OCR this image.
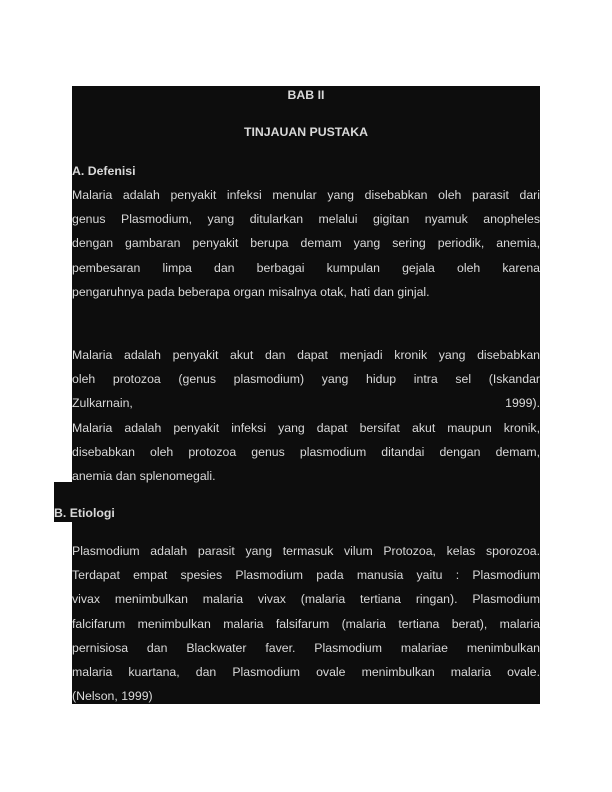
BAB II
TINJAUAN PUSTAKA
A. Defenisi
Malaria adalah penyakit infeksi menular yang disebabkan oleh parasit dari
genus Plasmodium, yang ditularkan melalui gigitan nyamuk anopheles
dengan gambaran penyakit berupa demam yang sering periodik, anemia,
pembesaran limpa dan berbagai kumpulan gejala oleh karena
pengaruhnya pada beberapa organ misalnya otak, hati dan ginjal.
Malaria adalah penyakit akut dan dapat menjadi kronik yang disebabkan
oleh protozoa (genus plasmodium) yang hidup intra sel (Iskandar
Zulkarnain, 1999).
Malaria adalah penyakit infeksi yang dapat bersifat akut maupun kronik,
disebabkan oleh protozoa genus plasmodium ditandai dengan demam,
anemia dan splenomegali.
B. Etiologi
Plasmodium adalah parasit yang termasuk vilum Protozoa, kelas sporozoa.
Terdapat empat spesies Plasmodium pada manusia yaitu : Plasmodium
vivax menimbulkan malaria vivax (malaria tertiana ringan). Plasmodium
falcifarum menimbulkan malaria falsifarum (malaria tertiana berat), malaria
pernisiosa dan Blackwater faver. Plasmodium malariae menimbulkan
malaria kuartana, dan Plasmodium ovale menimbulkan malaria ovale.
(Nelson, 1999)
